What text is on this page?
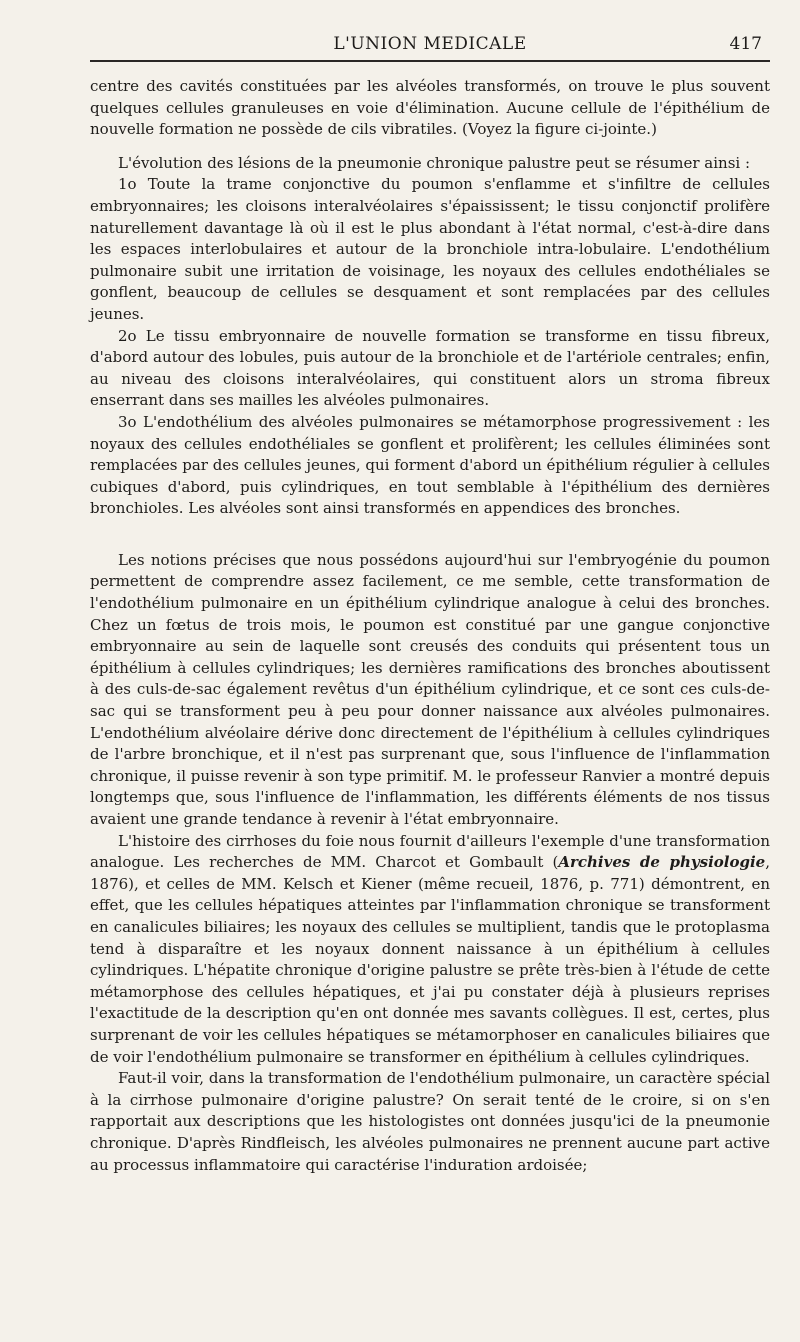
L'UNION MEDICALE	417

centre des cavités constituées par les alvéoles transformés, on trouve le plus souvent quelques cellules granuleuses en voie d'élimination. Aucune cellule de l'épithélium de nouvelle formation ne possède de cils vibratiles. (Voyez la figure ci-jointe.)

L'évolution des lésions de la pneumonie chronique palustre peut se résumer ainsi :

1o Toute la trame conjonctive du poumon s'enflamme et s'infiltre de cellules embryonnaires; les cloisons interalvéolaires s'épaississent; le tissu conjonctif prolifère naturellement davantage là où il est le plus abondant à l'état normal, c'est-à-dire dans les espaces interlobulaires et autour de la bronchiole intra-lobulaire. L'endothélium pulmonaire subit une irritation de voisinage, les noyaux des cellules endothéliales se gonflent, beaucoup de cellules se desquament et sont remplacées par des cellules jeunes.

2o Le tissu embryonnaire de nouvelle formation se transforme en tissu fibreux, d'abord autour des lobules, puis autour de la bronchiole et de l'artériole centrales; enfin, au niveau des cloisons interalvéolaires, qui constituent alors un stroma fibreux enserrant dans ses mailles les alvéoles pulmonaires.

3o L'endothélium des alvéoles pulmonaires se métamorphose progressivement : les noyaux des cellules endothéliales se gonflent et prolifèrent; les cellules éliminées sont remplacées par des cellules jeunes, qui forment d'abord un épithélium régulier à cellules cubiques d'abord, puis cylindriques, en tout semblable à l'épithélium des dernières bronchioles. Les alvéoles sont ainsi transformés en appendices des bronches.

Les notions précises que nous possédons aujourd'hui sur l'embryogénie du poumon permettent de comprendre assez facilement, ce me semble, cette transformation de l'endothélium pulmonaire en un épithélium cylindrique analogue à celui des bronches. Chez un fœtus de trois mois, le poumon est constitué par une gangue conjonctive embryonnaire au sein de laquelle sont creusés des conduits qui présentent tous un épithélium à cellules cylindriques; les dernières ramifications des bronches aboutissent à des culs-de-sac également revêtus d'un épithélium cylindrique, et ce sont ces culs-de-sac qui se transforment peu à peu pour donner naissance aux alvéoles pulmonaires. L'endothélium alvéolaire dérive donc directement de l'épithélium à cellules cylindriques de l'arbre bronchique, et il n'est pas surprenant que, sous l'influence de l'inflammation chronique, il puisse revenir à son type primitif. M. le professeur Ranvier a montré depuis longtemps que, sous l'influence de l'inflammation, les différents éléments de nos tissus avaient une grande tendance à revenir à l'état embryonnaire.

L'histoire des cirrhoses du foie nous fournit d'ailleurs l'exemple d'une transformation analogue. Les recherches de MM. Charcot et Gombault (Archives de physiologie, 1876), et celles de MM. Kelsch et Kiener (même recueil, 1876, p. 771) démontrent, en effet, que les cellules hépatiques atteintes par l'inflammation chronique se transforment en canalicules biliaires; les noyaux des cellules se multiplient, tandis que le protoplasma tend à disparaître et les noyaux donnent naissance à un épithélium à cellules cylindriques. L'hépatite chronique d'origine palustre se prête très-bien à l'étude de cette métamorphose des cellules hépatiques, et j'ai pu constater déjà à plusieurs reprises l'exactitude de la description qu'en ont donnée mes savants collègues. Il est, certes, plus surprenant de voir les cellules hépatiques se métamorphoser en canalicules biliaires que de voir l'endothélium pulmonaire se transformer en épithélium à cellules cylindriques.

Faut-il voir, dans la transformation de l'endothélium pulmonaire, un caractère spécial à la cirrhose pulmonaire d'origine palustre? On serait tenté de le croire, si on s'en rapportait aux descriptions que les histologistes ont données jusqu'ici de la pneumonie chronique. D'après Rindfleisch, les alvéoles pulmonaires ne prennent aucune part active au processus inflammatoire qui caractérise l'induration ardoisée;
